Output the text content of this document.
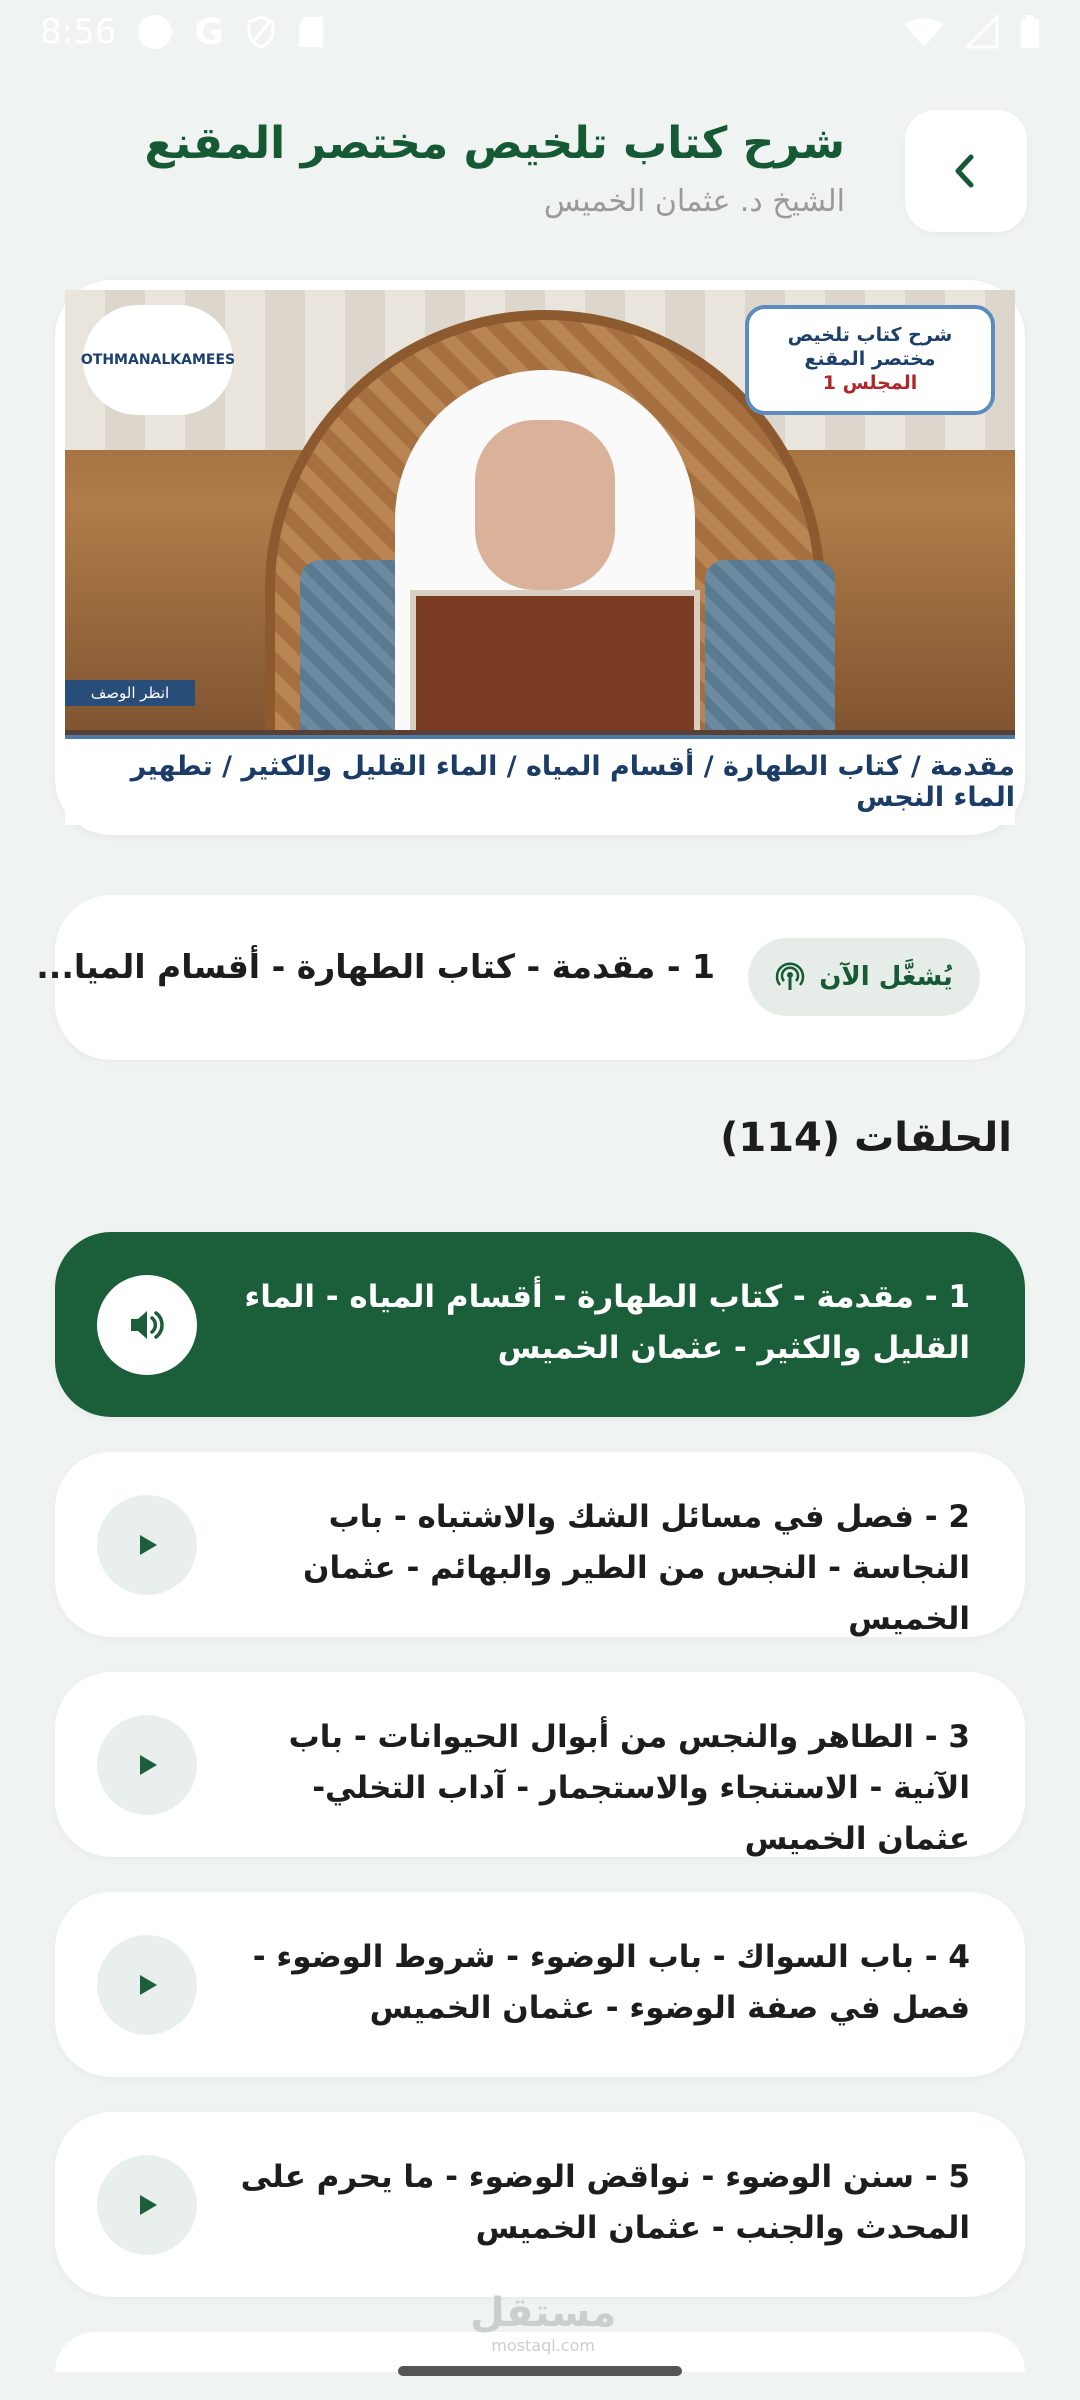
8:56 G
شرح كتاب تلخيص مختصر المقنع
الشيخ د. عثمان الخميس
شرح كتاب تلخيص
مختصر المقنع
المجلس 1
OTHMANALKAMEES
انظر الوصف
مقدمة / كتاب الطهارة / أقسام المياه / الماء القليل والكثير / تطهير الماء النجس
يُشغَّل الآن
1 - مقدمة - كتاب الطهارة - أقسام الميا...
الحلقات (114)
1 - مقدمة - كتاب الطهارة - أقسام المياه - الماء القليل والكثير - عثمان الخميس
2 - فصل في مسائل الشك والاشتباه - باب النجاسة - النجس من الطير والبهائم - عثمان الخميس
3 - الطاهر والنجس من أبوال الحيوانات - باب الآنية - الاستنجاء والاستجمار - آداب التخلي- عثمان الخميس
4 - باب السواك - باب الوضوء - شروط الوضوء - فصل في صفة الوضوء - عثمان الخميس
5 - سنن الوضوء - نواقض الوضوء - ما يحرم على المحدث والجنب - عثمان الخميس
مستقل
mostaql.com
